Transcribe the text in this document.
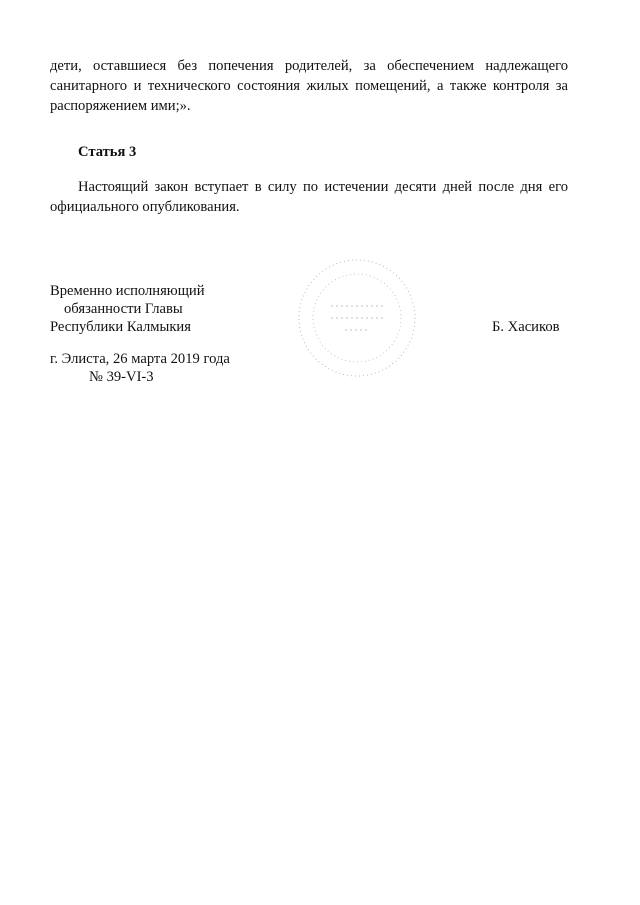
дети, оставшиеся без попечения родителей, за обеспечением надлежащего
санитарного и технического состояния жилых помещений, а также контроля за
распоряжением ими;».
Статья 3
Настоящий закон вступает в силу по истечении десяти дней после дня его
официального опубликования.
Временно исполняющий
обязанности Главы
Республики Калмыкия	Б. Хасиков
г. Элиста, 26 марта 2019 года
№ 39-VI-3
